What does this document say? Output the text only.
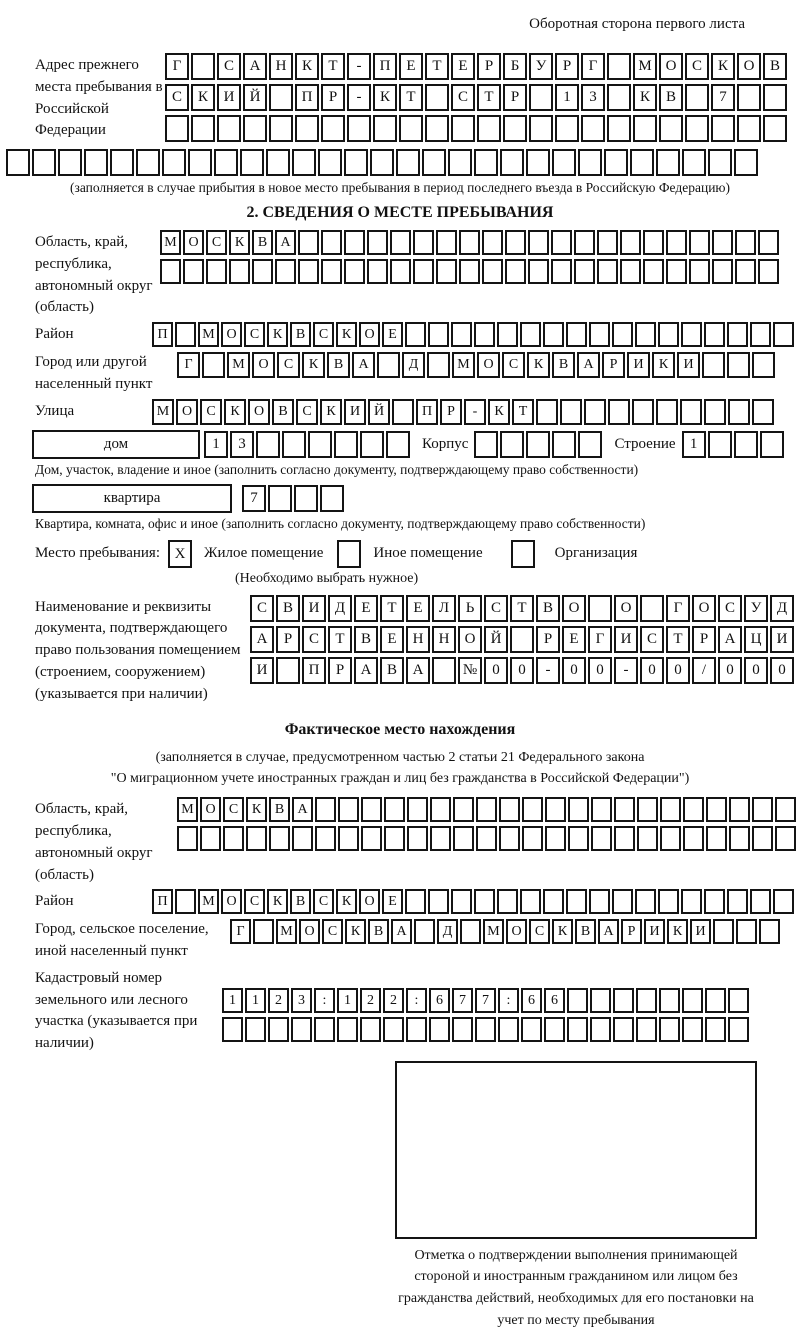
Оборотная сторона первого листа
Адрес прежнего места пребывания в Российской Федерации
Г	С	А	Н	К	Т	-	П	Е	Т	Е	Р	Б	У	Р	Г	М О	С	К	О	В
С	К	И	Й	П	Р	-	К	Т	С	Т	Р	1	3	К	В	7
(заполняется в случае прибытия в новое место пребывания в период последнего въезда в Российскую Федерацию)
2. СВЕДЕНИЯ О МЕСТЕ ПРЕБЫВАНИЯ
Область, край, республика, автономный округ (область)
М О С К В А
Район	П	М О С К В С К О Е
Город или другой населенный пункт
Г	М О	С	К	В	А	Д	М О	С	К	В	А	Р	И	К	И
Улица	М О	С	К	О	В	С	К	И Й	П	Р	-	К	Т
дом	1	3	Корпус	Строение 1
Дом, участок, владение и иное (заполнить согласно документу, подтверждающему право собственности)
квартира	7
Квартира, комната, офис и иное (заполнить согласно документу, подтверждающему право собственности)
Место пребывания: X	Жилое помещение	Иное помещение	Организация
(Необходимо выбрать нужное)
Наименование и реквизиты документа, подтверждающего право пользования помещением (строением, сооружением) (указывается при наличии)
С	В	И	Д	Е	Т	Е	Л	Ь	С	Т	В	О	О	Г	О	С	У	Д
А	Р	С	Т	В	Е	Н	Н	О	Й	Р	Е	Г	И	С	Т	Р	А	Ц	И
И	П	Р	А	В	А	№	0	0	-	0	0	-	0	0	/	0	0	0
Фактическое место нахождения
(заполняется в случае, предусмотренном частью 2 статьи 21 Федерального закона
"О миграционном учете иностранных граждан и лиц без гражданства в Российской Федерации")
Область, край, республика, автономный округ (область)
М О С К В А
Район	П	М О С К В С К О Е
Город, сельское поселение, иной населенный пункт
Г	М О С К В А	Д	М О С К В А	Р	И К И
Кадастровый номер земельного или лесного участка (указывается при наличии)
1	1	2	3	:	1	2	2	:	6	7	7	:	6	6
Отметка о подтверждении выполнения принимающей стороной и иностранным гражданином или лицом без гражданства действий, необходимых для его постановки на учет по месту пребывания
